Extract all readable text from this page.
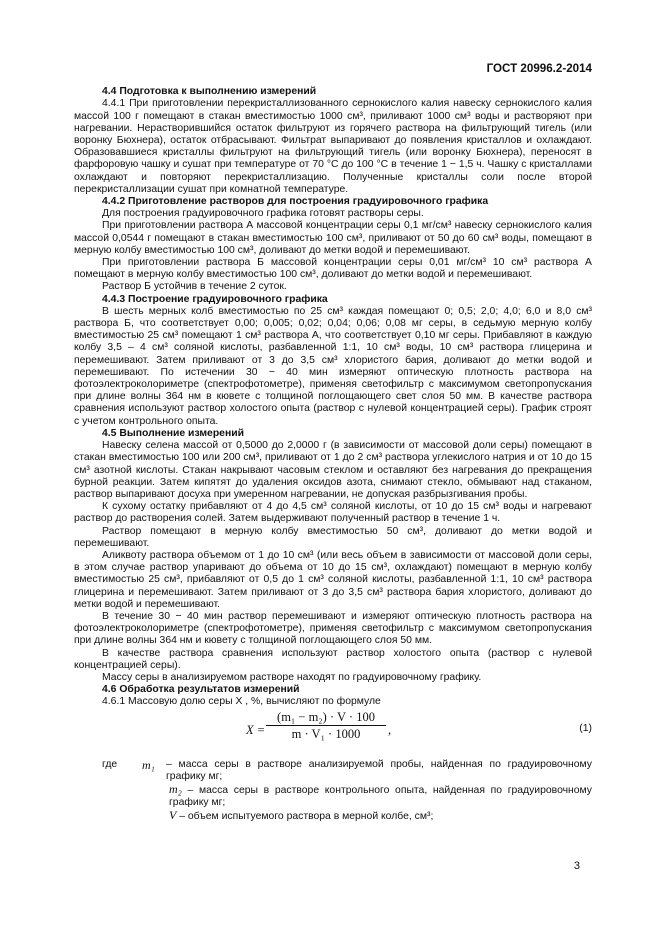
ГОСТ 20996.2-2014

4.4 Подготовка к выполнению измерений

4.4.1 При приготовлении перекристаллизованного сернокислого калия навеску сернокислого калия массой 100 г помещают в стакан вместимостью 1000 см³, приливают 1000 см³ воды и растворяют при нагревании. Нерастворившийся остаток фильтруют из горячего раствора на фильтрующий тигель (или воронку Бюхнера), остаток отбрасывают. Фильтрат выпаривают до появления кристаллов и охлаждают. Образовавшиеся кристаллы фильтруют на фильтрующий тигель (или воронку Бюхнера), переносят в фарфоровую чашку и сушат при температуре от 70 °С до 100 °С в течение 1 − 1,5 ч. Чашку с кристаллами охлаждают и повторяют перекристаллизацию. Полученные кристаллы соли после второй перекристаллизации сушат при комнатной температуре.

4.4.2 Приготовление растворов для построения градуировочного графика

Для построения градуировочного графика готовят растворы серы.

При приготовлении раствора А массовой концентрации серы 0,1 мг/см³ навеску сернокислого калия массой 0,0544 г помещают в стакан вместимостью 100 см³, приливают от 50 до 60 см³ воды, помещают в мерную колбу вместимостью 100 см³, доливают до метки водой и перемешивают.

При приготовлении раствора Б массовой концентрации серы 0,01 мг/см³ 10 см³ раствора А помещают в мерную колбу вместимостью 100 см³, доливают до метки водой и перемешивают.

Раствор Б устойчив в течение 2 суток.

4.4.3 Построение градуировочного графика

В шесть мерных колб вместимостью по 25 см³ каждая помещают 0; 0,5; 2,0; 4,0; 6,0 и 8,0 см³ раствора Б, что соответствует 0,00; 0,005; 0,02; 0,04; 0,06; 0,08 мг серы, в седьмую мерную колбу вместимостью 25 см³ помещают 1 см³ раствора А, что соответствует 0,10 мг серы. Прибавляют в каждую колбу 3,5 – 4 см³ соляной кислоты, разбавленной 1:1, 10 см³ воды, 10 см³ раствора глицерина и перемешивают. Затем приливают от 3 до 3,5 см³ хлористого бария, доливают до метки водой и перемешивают. По истечении 30 − 40 мин измеряют оптическую плотность раствора на фотоэлектроколориметре (спектрофотометре), применяя светофильтр с максимумом светопропускания при длине волны 364 нм в кювете с толщиной поглощающего свет слоя 50 мм. В качестве раствора сравнения используют раствор холостого опыта (раствор с нулевой концентрацией серы). График строят с учетом контрольного опыта.

4.5 Выполнение измерений

Навеску селена массой от 0,5000 до 2,0000 г (в зависимости от массовой доли серы) помещают в стакан вместимостью 100 или 200 см³, приливают от 1 до 2 см³ раствора углекислого натрия и от 10 до 15 см³ азотной кислоты. Стакан накрывают часовым стеклом и оставляют без нагревания до прекращения бурной реакции. Затем кипятят до удаления оксидов азота, снимают стекло, обмывают над стаканом, раствор выпаривают досуха при умеренном нагревании, не допуская разбрызгивания пробы.

К сухому остатку прибавляют от 4 до 4,5 см³ соляной кислоты, от 10 до 15 см³ воды и нагревают раствор до растворения солей. Затем выдерживают полученный раствор в течение 1 ч.

Раствор помещают в мерную колбу вместимостью 50 см³, доливают до метки водой и перемешивают.

Аликвоту раствора объемом от 1 до 10 см³ (или весь объем в зависимости от массовой доли серы, в этом случае раствор упаривают до объема от 10 до 15 см³, охлаждают) помещают в мерную колбу вместимостью 25 см³, прибавляют от 0,5 до 1 см³ соляной кислоты, разбавленной 1:1, 10 см³ раствора глицерина и перемешивают. Затем приливают от 3 до 3,5 см³ раствора бария хлористого, доливают до метки водой и перемешивают.

В течение 30 − 40 мин раствор перемешивают и измеряют оптическую плотность раствора на фотоэлектроколориметре (спектрофотометре), применяя светофильтр с максимумом светопропускания при длине волны 364 нм и кювету с толщиной поглощающего слоя 50 мм.

В качестве раствора сравнения используют раствор холостого опыта (раствор с нулевой концентрацией серы).

Массу серы в анализируемом растворе находят по градуировочному графику.

4.6 Обработка результатов измерений

4.6.1 Массовую долю серы X , %, вычисляют по формуле

X =
(m₁ − m₂) · V · 100
m · V₁ · 1000	,	(1)
где	m₁	– масса серы в растворе анализируемой пробы, найденная по градуировочному графику мг;

m₂ – масса серы в растворе контрольного опыта, найденная по градуировочному графику мг;

V – объем испытуемого раствора в мерной колбе, см³;

3
